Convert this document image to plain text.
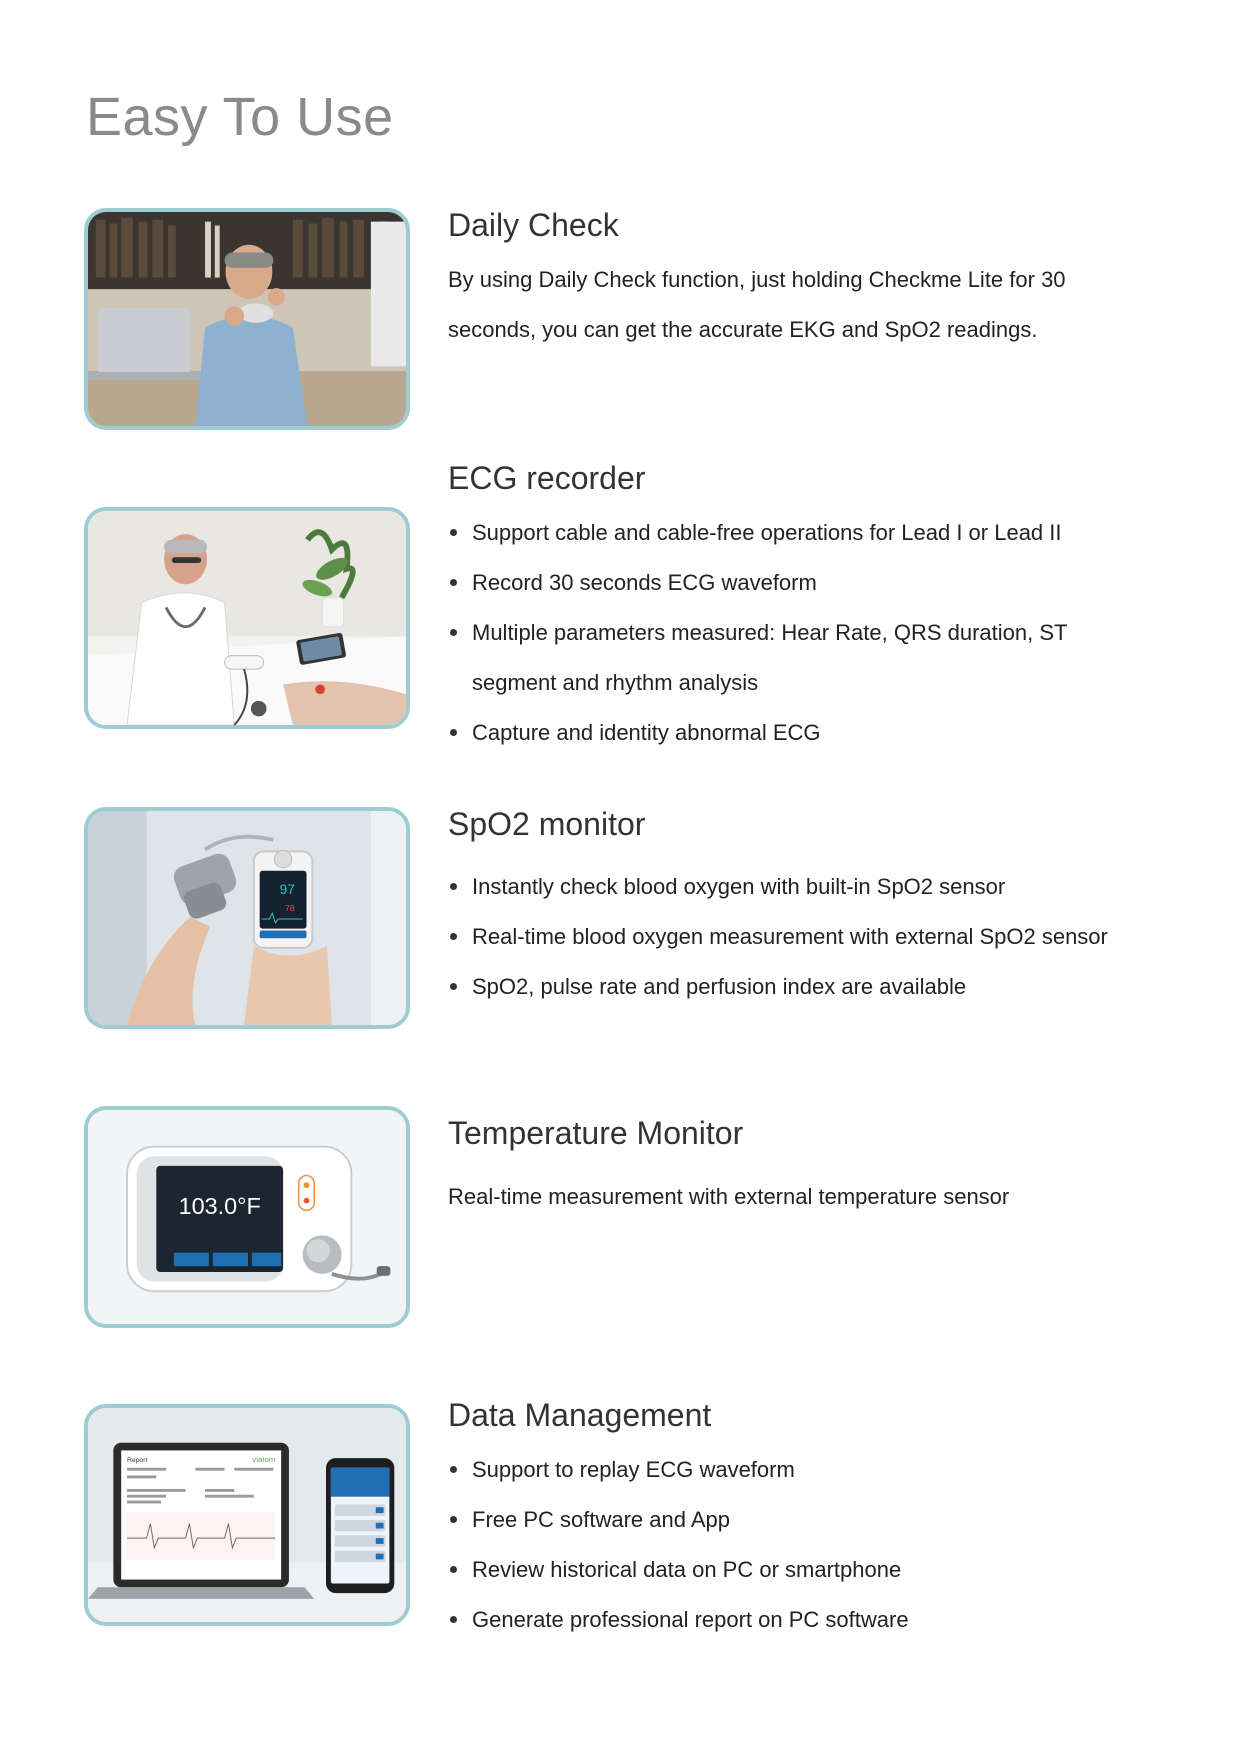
Easy To Use
Daily Check

By using Daily Check function, just holding Checkme Lite for 30 seconds, you can get the accurate EKG and SpO2 readings.

ECG recorder
Support cable and cable-free operations for Lead I or Lead II
Record 30 seconds ECG waveform
Multiple parameters measured: Hear Rate, QRS duration, ST segment and rhythm analysis
Capture and identity abnormal ECG
97
78
SpO2 monitor
Instantly check blood oxygen with built-in SpO2 sensor
Real-time blood oxygen measurement with external SpO2 sensor
SpO2, pulse rate and perfusion index are available
103.0°F
Temperature Monitor

Real-time measurement with external temperature sensor

Report	viatom
Data Management
Support to replay ECG waveform
Free PC software and App
Review historical data on PC or smartphone
Generate professional report on PC software
